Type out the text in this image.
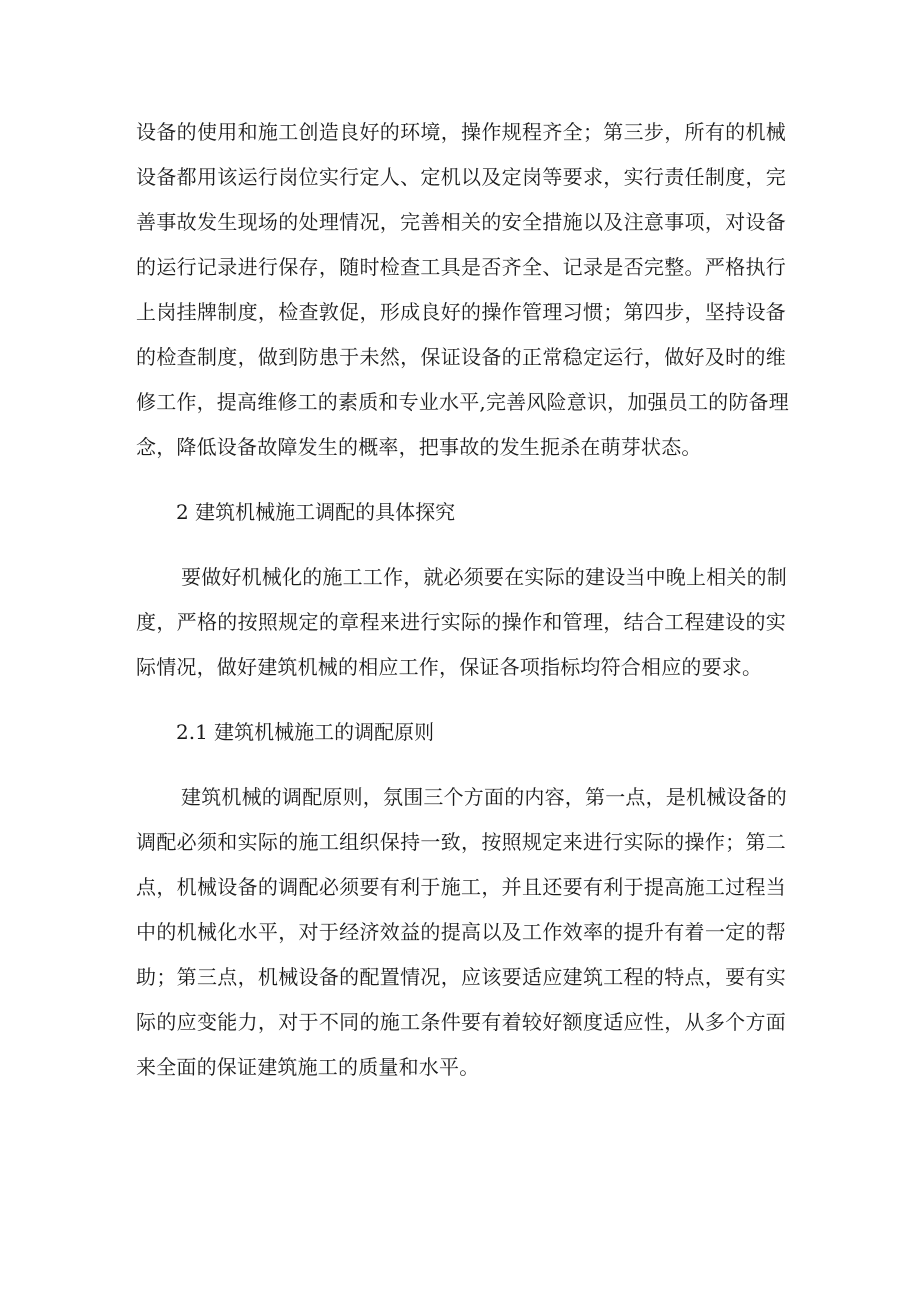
设备的使用和施工创造良好的环境，操作规程齐全；第三步，所有的机械
设备都用该运行岗位实行定人、定机以及定岗等要求，实行责任制度，完
善事故发生现场的处理情况，完善相关的安全措施以及注意事项，对设备
的运行记录进行保存，随时检查工具是否齐全、记录是否完整。严格执行
上岗挂牌制度，检查敦促，形成良好的操作管理习惯；第四步，坚持设备
的检查制度，做到防患于未然，保证设备的正常稳定运行，做好及时的维
修工作，提高维修工的素质和专业水平,完善风险意识，加强员工的防备理
念，降低设备故障发生的概率，把事故的发生扼杀在萌芽状态。
2 建筑机械施工调配的具体探究
要做好机械化的施工工作，就必须要在实际的建设当中晚上相关的制
度，严格的按照规定的章程来进行实际的操作和管理，结合工程建设的实
际情况，做好建筑机械的相应工作，保证各项指标均符合相应的要求。
2.1 建筑机械施工的调配原则
建筑机械的调配原则，氛围三个方面的内容，第一点，是机械设备的
调配必须和实际的施工组织保持一致，按照规定来进行实际的操作；第二
点，机械设备的调配必须要有利于施工，并且还要有利于提高施工过程当
中的机械化水平，对于经济效益的提高以及工作效率的提升有着一定的帮
助；第三点，机械设备的配置情况，应该要适应建筑工程的特点，要有实
际的应变能力，对于不同的施工条件要有着较好额度适应性，从多个方面
来全面的保证建筑施工的质量和水平。
